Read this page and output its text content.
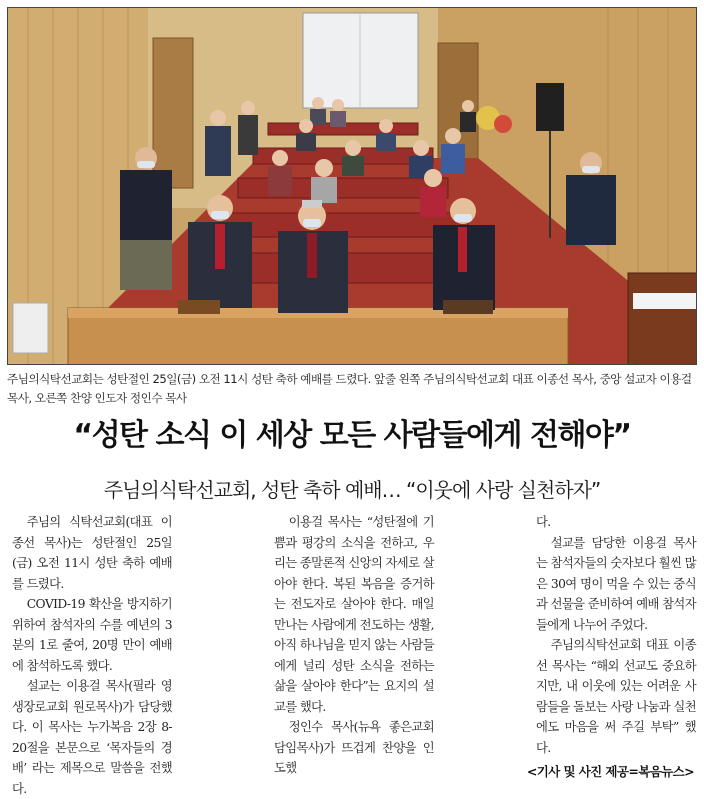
주님의식탁선교회는 성탄절인 25일(금) 오전 11시 성탄 축하 예배를 드렸다. 앞줄 왼쪽 주님의식탁선교회 대표 이종선 목사, 중앙 설교자 이용걸 목사, 오른쪽 찬양 인도자 정인수 목사
“성탄 소식 이 세상 모든 사람들에게 전해야”
주님의식탁선교회, 성탄 축하 예배… “이웃에 사랑 실천하자”

주님의 식탁선교회(대표 이종선 목사)는 성탄절인 25일(금) 오전 11시 성탄 축하 예배를 드렸다.

COVID-19 확산을 방지하기 위하여 참석자의 수를 예년의 3분의 1로 줄여, 20명 만이 예배에 참석하도록 했다.

설교는 이용걸 목사(필라 영생장로교회 원로목사)가 담당했다. 이 목사는 누가복음 2장 8-20절을 본문으로 ‘목자들의 경배’ 라는 제목으로 말씀을 전했다.

이용걸 목사는 “성탄절에 기쁨과 평강의 소식을 전하고, 우리는 종말론적 신앙의 자세로 살아야 한다. 복된 복음을 증거하는 전도자로 살아야 한다. 매일 만나는 사람에게 전도하는 생활, 아직 하나님을 믿지 않는 사람들에게 널리 성탄 소식을 전하는 삶을 살아야 한다”는 요지의 설교를 했다.

정인수 목사(뉴욕 좋은교회 담임목사)가 뜨겁게 찬양을 인도했

다.

설교를 담당한 이용걸 목사는 참석자들의 숫자보다 훨씬 많은 30여 명이 먹을 수 있는 중식과 선물을 준비하여 예배 참석자들에게 나누어 주었다.

주님의식탁선교회 대표 이종선 목사는 “해외 선교도 중요하지만, 내 이웃에 있는 어려운 사람들을 돌보는 사랑 나눔과 실천에도 마음을 써 주길 부탁” 했다.

<기사 및 사진 제공=복음뉴스>
